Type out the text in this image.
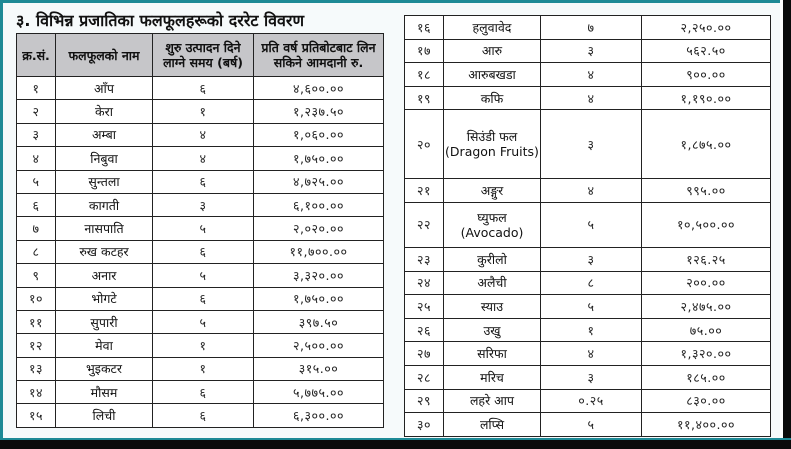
३. विभिन्न प्रजातिका फलफूलहरूको दररेट विवरण
क्र.सं.	फलफूलको नाम	शुरु उत्पादन दिने लाग्ने समय (बर्ष)	प्रति वर्ष प्रतिबोटबाट लिन सकिने आमदानी रु.
१	आँप	६	४,६००.००
२	केरा	१	१,२३७.५०
३	अम्बा	४	१,०६०.००
४	निबुवा	४	१,७५०.००
५	सुन्तला	६	४,७२५.००
६	कागती	३	६,१००.००
७	नासपाति	५	२,०२०.००
८	रुख कटहर	६	११,७००.००
९	अनार	५	३,३२०.००
१०	भोगटे	६	१,७५०.००
११	सुपारी	५	३९७.५०
१२	मेवा	१	२,५००.००
१३	भुइकटर	१	३१५.००
१४	मौसम	६	५,७७५.००
१५	लिची	६	६,३००.००
१६	हलुवावेद	७	२,२५०.००
१७	आरु	३	५६२.५०
१८	आरुबखडा	४	९००.००
१९	कफि	४	१,१९०.००
२०	सिउंडी फल (Dragon Fruits)	३	१,८७५.००
२१	अङ्गुर	४	९९५.००
२२	घ्युफल (Avocado)	५	१०,५००.००
२३	कुरीलो	३	१२६.२५
२४	अलैची	८	२००.००
२५	स्याउ	५	२,४७५.००
२६	उखु	१	७५.००
२७	सरिफा	४	१,३२०.००
२८	मरिच	३	१८५.००
२९	लहरे आप	०.२५	८३०.००
३०	लप्सि	५	११,४००.००
